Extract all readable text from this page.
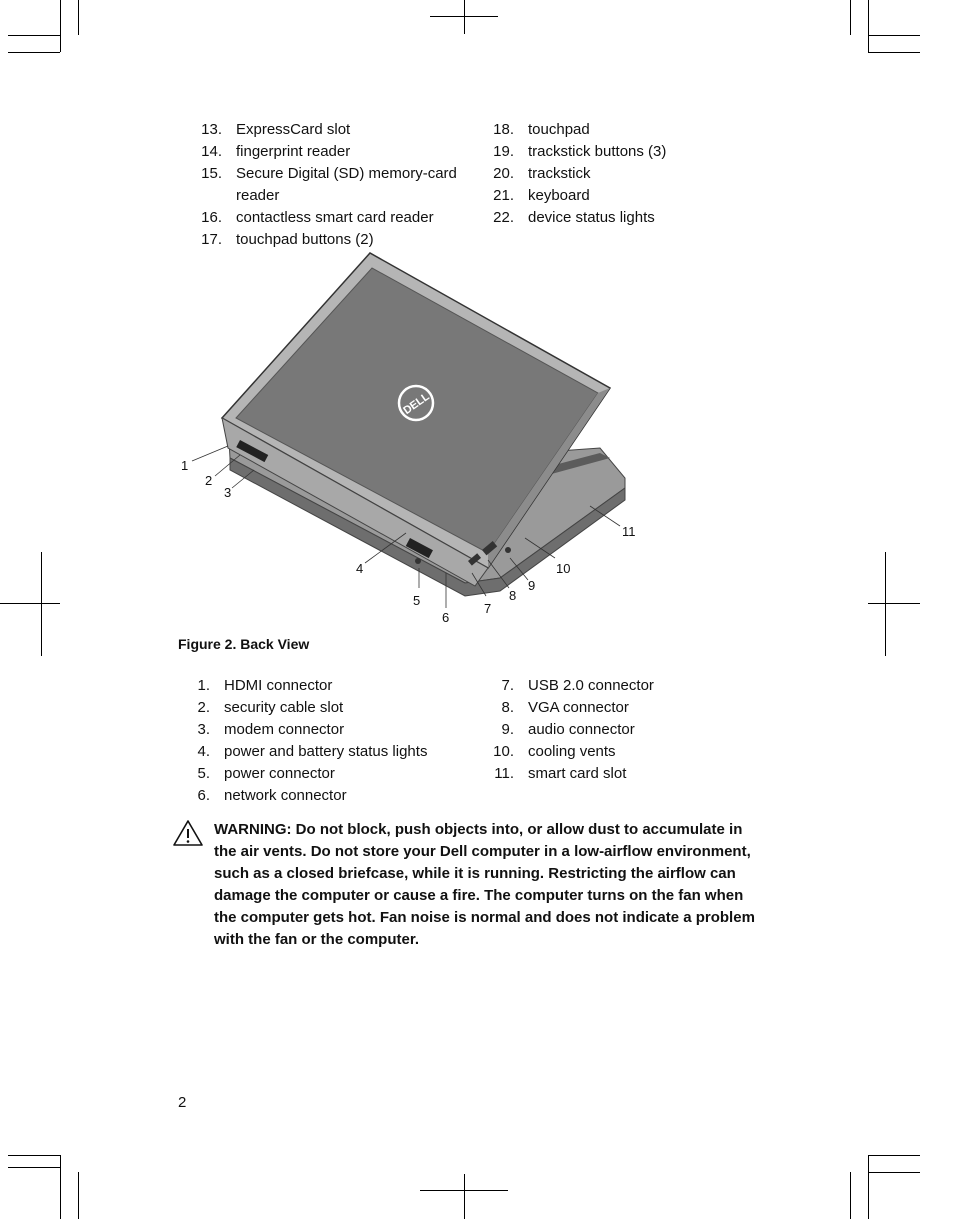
13. ExpressCard slot
14. fingerprint reader
15. Secure Digital (SD) memory-card reader
16. contactless smart card reader
17. touchpad buttons (2)
18. touchpad
19. trackstick buttons (3)
20. trackstick
21. keyboard
22. device status lights
DELL
1
2
3
4
5
6
7
8
9
10
11
Figure 2. Back View
1. HDMI connector
2. security cable slot
3. modem connector
4. power and battery status lights
5. power connector
6. network connector
7. USB 2.0 connector
8. VGA connector
9. audio connector
10. cooling vents
11. smart card slot
WARNING: Do not block, push objects into, or allow dust to accumulate in the air vents. Do not store your Dell computer in a low-airflow environment, such as a closed briefcase, while it is running. Restricting the airflow can damage the computer or cause a fire. The computer turns on the fan when the computer gets hot. Fan noise is normal and does not indicate a problem with the fan or the computer.
2
